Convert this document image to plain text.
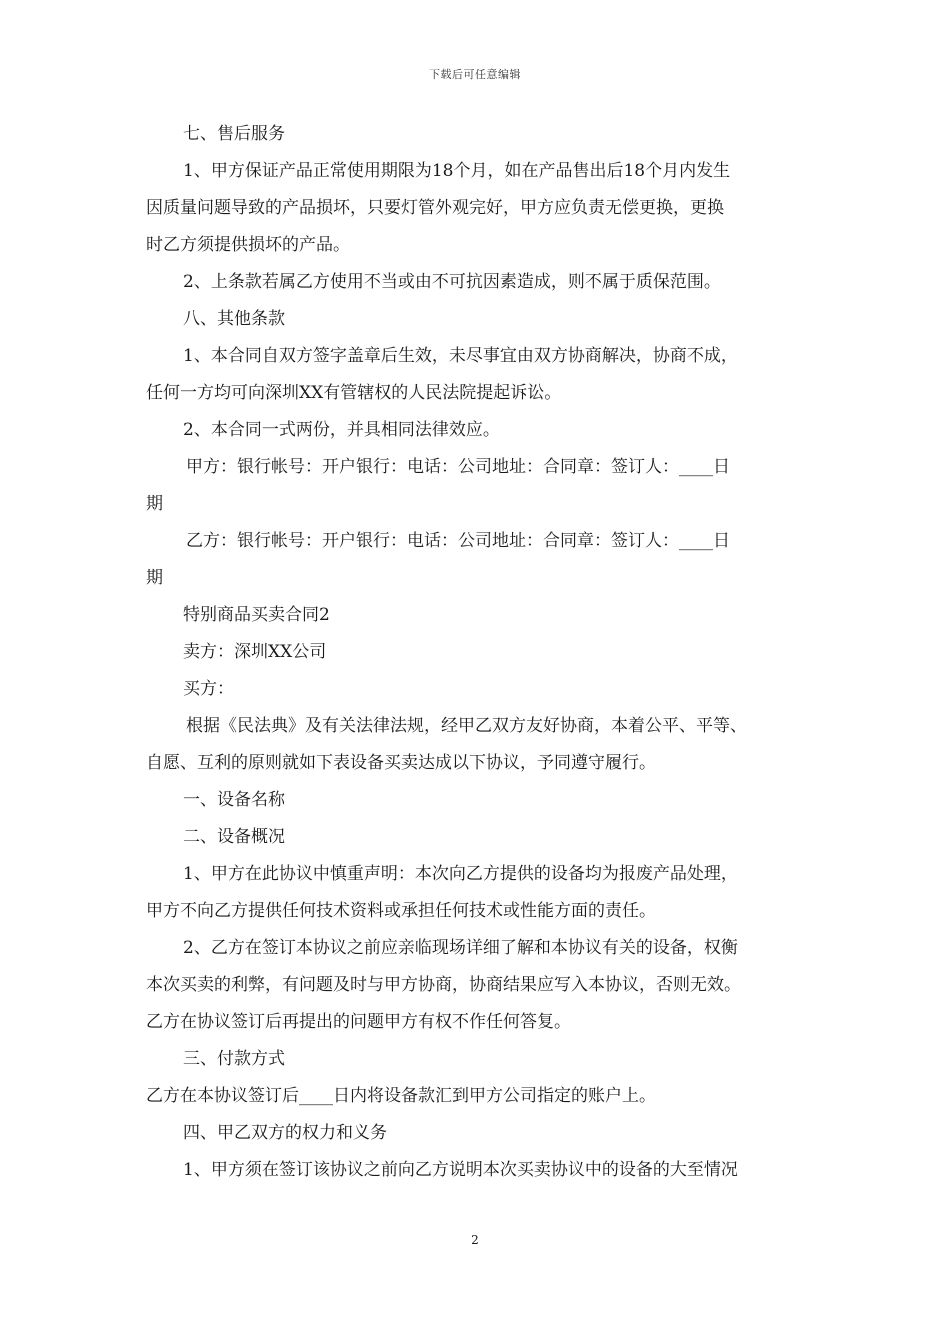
下载后可任意编辑
七、售后服务
1、甲方保证产品正常使用期限为18个月，如在产品售出后18个月内发生
因质量问题导致的产品损坏，只要灯管外观完好，甲方应负责无偿更换，更换
时乙方须提供损坏的产品。
2、上条款若属乙方使用不当或由不可抗因素造成，则不属于质保范围。
八、其他条款
1、本合同自双方签字盖章后生效，未尽事宜由双方协商解决，协商不成，
任何一方均可向深圳XX有管辖权的人民法院提起诉讼。
2、本合同一式两份，并具相同法律效应。
甲方：银行帐号：开户银行：电话：公司地址：合同章：签订人：____日
期
乙方：银行帐号：开户银行：电话：公司地址：合同章：签订人：____日
期
特别商品买卖合同2
卖方：深圳XX公司
买方：
根据《民法典》及有关法律法规，经甲乙双方友好协商，本着公平、平等、
自愿、互利的原则就如下表设备买卖达成以下协议，予同遵守履行。
一、设备名称
二、设备概况
1、甲方在此协议中慎重声明：本次向乙方提供的设备均为报废产品处理，
甲方不向乙方提供任何技术资料或承担任何技术或性能方面的责任。
2、乙方在签订本协议之前应亲临现场详细了解和本协议有关的设备，权衡
本次买卖的利弊，有问题及时与甲方协商，协商结果应写入本协议，否则无效。
乙方在协议签订后再提出的问题甲方有权不作任何答复。
三、付款方式
乙方在本协议签订后____日内将设备款汇到甲方公司指定的账户上。
四、甲乙双方的权力和义务
1、甲方须在签订该协议之前向乙方说明本次买卖协议中的设备的大至情况
2
